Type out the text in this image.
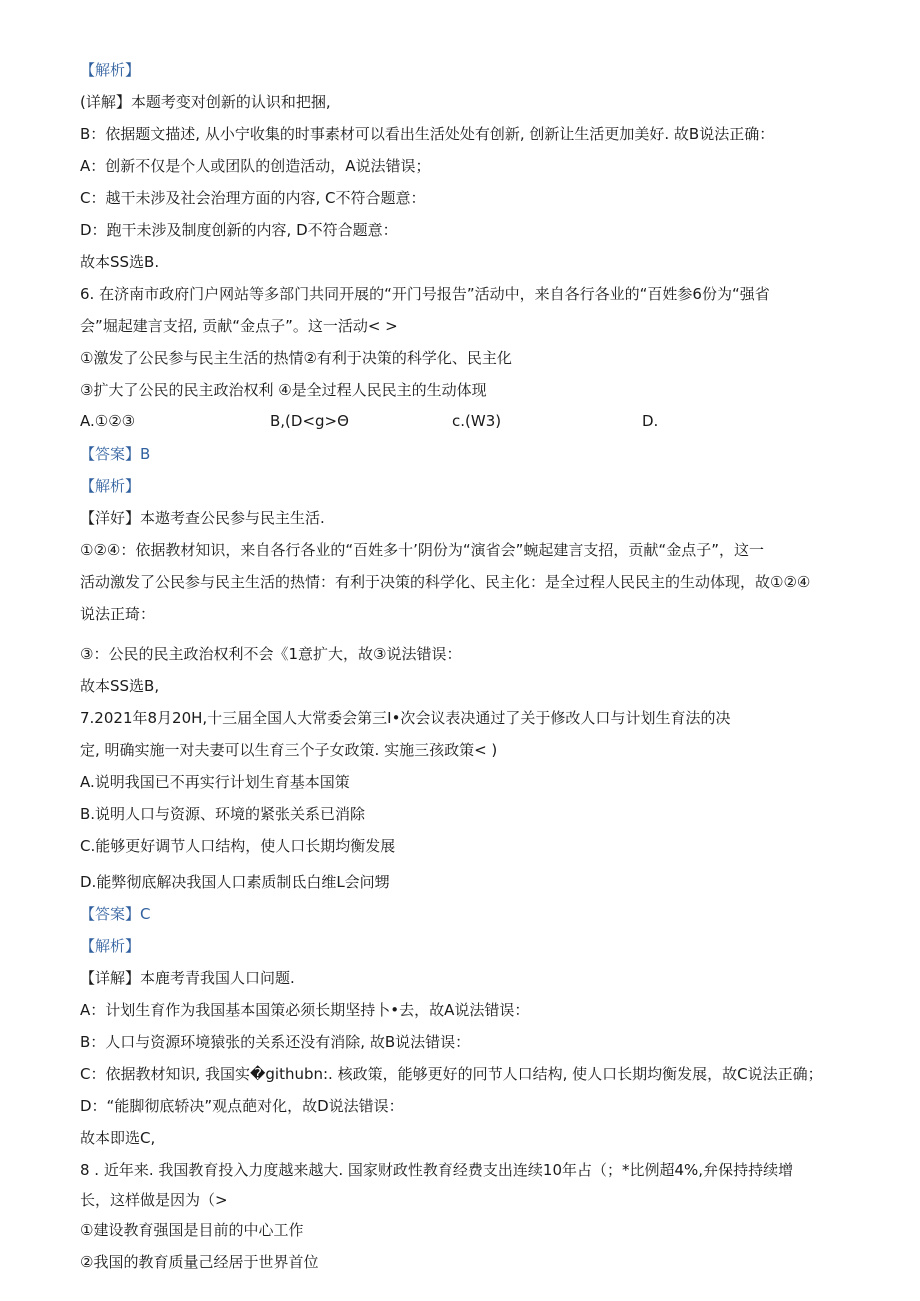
【解析】
(详解】本题考变对创新的认识和把捆,
B：依据题文描述, 从小宁收集的时事素材可以看出生活处处有创新, 创新让生活更加美好. 故B说法正确：
A：创新不仅是个人或团队的创造活动，A说法错误；
C：越干未涉及社会治理方面的内容, C不符合题意：
D：跑干未涉及制度创新的内容, D不符合题意：
故本SS选B.
6. 在济南市政府门户网站等多部门共同开展的“开门号报告”活动中，来自各行各业的“百姓参6份为“强省
会”堀起建言支招, 贡献“金点子”。这一活动< >
①激发了公民参与民主生活的热情②有利于决策的科学化、民主化
③扩大了公民的民主政治权利 ④是全过程人民民主的生动体现
A.①②③	B,(D<g>Θ	c.(W3)	D.
【答案】B
【解析】
【洋好】本遨考查公民参与民主生活.
①②④：依据教材知识，来自各行各业的“百姓多十’阴份为“演省会”蜿起建言支招，贡献“金点子”，这一
活动激发了公民参与民主生活的热情：有利于决策的科学化、民主化：是全过程人民民主的生动体现，故①②④
说法正琦：
③：公民的民主政治权利不会《1意扩大，故③说法错误：
故本SS选B,
7.2021年8月20H,十三届全国人大常委会第三I•次会议表决通过了关于修改人口与计划生育法的决
定, 明确实施一对夫妻可以生育三个子女政策. 实施三孩政策< )
A.说明我国已不再实行计划生育基本国策
B.说明人口与资源、环境的紧张关系已消除
C.能够更好调节人口结构，使人口长期均衡发展
D.能弊彻底解决我国人口素质制氐白维L会问甥
【答案】C
【解析】
【详解】本鹿考青我国人口问题.
A：计划生育作为我国基本国策必须长期坚持卜•去，故A说法错误：
B：人口与资源环境猿张的关系还没有消除, 故B说法错误：
C：依据教材知识, 我国实�githubn:. 核政策，能够更好的冋节人口结构, 使人口长期均衡发展，故C说法正确；
D：“能脚彻底轿决”观点葩对化，故D说法错误：
故本即选C,
8 . 近年来. 我国教育投入力度越来越大. 国家财政性教育经费支出连续10年占（；*比例超4%,弁保持持续增
长，这样做是因为（>
①建设教育强国是目前的中心工作
②我国的教育质量己经居于世界首位
